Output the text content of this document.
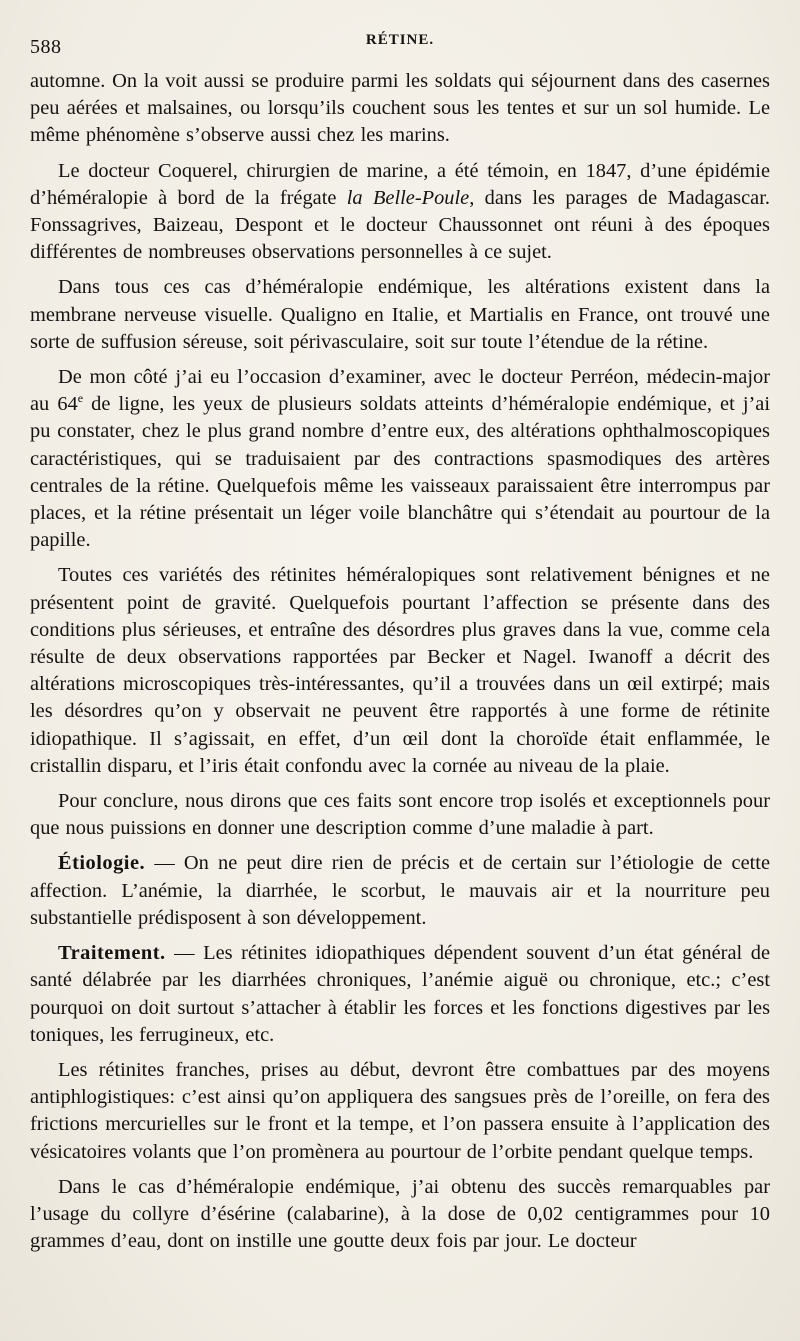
588	RÉTINE.

automne. On la voit aussi se produire parmi les soldats qui séjournent dans des casernes peu aérées et malsaines, ou lorsqu’ils couchent sous les tentes et sur un sol humide. Le même phénomène s’observe aussi chez les marins.

Le docteur Coquerel, chirurgien de marine, a été témoin, en 1847, d’une épidémie d’héméralopie à bord de la frégate la Belle-Poule, dans les parages de Madagascar. Fonssagrives, Baizeau, Despont et le docteur Chaussonnet ont réuni à des époques différentes de nombreuses observations personnelles à ce sujet.

Dans tous ces cas d’héméralopie endémique, les altérations existent dans la membrane nerveuse visuelle. Qualigno en Italie, et Martialis en France, ont trouvé une sorte de suffusion séreuse, soit périvasculaire, soit sur toute l’étendue de la rétine.

De mon côté j’ai eu l’occasion d’examiner, avec le docteur Perréon, médecin-major au 64e de ligne, les yeux de plusieurs soldats atteints d’héméralopie endémique, et j’ai pu constater, chez le plus grand nombre d’entre eux, des altérations ophthalmoscopiques caractéristiques, qui se traduisaient par des contractions spasmodiques des artères centrales de la rétine. Quelquefois même les vaisseaux paraissaient être interrompus par places, et la rétine présentait un léger voile blanchâtre qui s’étendait au pourtour de la papille.

Toutes ces variétés des rétinites héméralopiques sont relativement bénignes et ne présentent point de gravité. Quelquefois pourtant l’affection se présente dans des conditions plus sérieuses, et entraîne des désordres plus graves dans la vue, comme cela résulte de deux observations rapportées par Becker et Nagel. Iwanoff a décrit des altérations microscopiques très-intéressantes, qu’il a trouvées dans un œil extirpé; mais les désordres qu’on y observait ne peuvent être rapportés à une forme de rétinite idiopathique. Il s’agissait, en effet, d’un œil dont la choroïde était enflammée, le cristallin disparu, et l’iris était confondu avec la cornée au niveau de la plaie.

Pour conclure, nous dirons que ces faits sont encore trop isolés et exceptionnels pour que nous puissions en donner une description comme d’une maladie à part.

Étiologie. — On ne peut dire rien de précis et de certain sur l’étiologie de cette affection. L’anémie, la diarrhée, le scorbut, le mauvais air et la nourriture peu substantielle prédisposent à son développement.

Traitement. — Les rétinites idiopathiques dépendent souvent d’un état général de santé délabrée par les diarrhées chroniques, l’anémie aiguë ou chronique, etc.; c’est pourquoi on doit surtout s’attacher à établir les forces et les fonctions digestives par les toniques, les ferrugineux, etc.

Les rétinites franches, prises au début, devront être combattues par des moyens antiphlogistiques: c’est ainsi qu’on appliquera des sangsues près de l’oreille, on fera des frictions mercurielles sur le front et la tempe, et l’on passera ensuite à l’application des vésicatoires volants que l’on promènera au pourtour de l’orbite pendant quelque temps.

Dans le cas d’héméralopie endémique, j’ai obtenu des succès remarquables par l’usage du collyre d’ésérine (calabarine), à la dose de 0,02 centigrammes pour 10 grammes d’eau, dont on instille une goutte deux fois par jour. Le docteur
